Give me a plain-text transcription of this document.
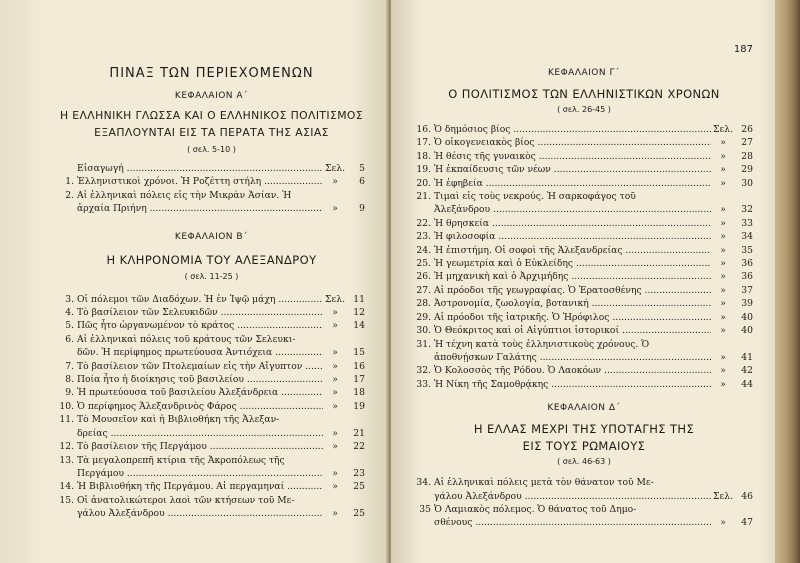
ΠΙΝΑΞ ΤΩΝ ΠΕΡΙΕΧΟΜΕΝΩΝ
ΚΕΦΑΛΑΙΟΝ Α΄
Η ΕΛΛΗΝΙΚΗ ΓΛΩΣΣΑ ΚΑΙ Ο ΕΛΛΗΝΙΚΟΣ ΠΟΛΙΤΙΣΜΟΣ
ΕΞΑΠΛΟΥΝΤΑΙ ΕΙΣ ΤΑ ΠΕΡΑΤΑ ΤΗΣ ΑΣΙΑΣ
( σελ. 5-10 )
Εἰσαγωγή .....	Σελ.	5
1. Ἑλληνιστικοὶ χρόνοι. Ἡ Ροζέττη στήλη .....	»	6
2. Αἱ ἑλληνικαὶ πόλεις εἰς τὴν Μικρὰν Ἀσίαν. Ἡ
ἀρχαία Πριήνη .....	»	9
ΚΕΦΑΛΑΙΟΝ Β΄
Η ΚΛΗΡΟΝΟΜΙΑ ΤΟΥ ΑΛΕΞΑΝΔΡΟΥ
( σελ. 11-25 )
3. Οἱ πόλεμοι τῶν Διαδόχων. Ἡ ἐν Ἰψῷ μάχη .....	Σελ. 11
4. Τὸ βασίλειον τῶν Σελευκιδῶν .....	»	12
5. Πῶς ἦτο ὠργανωμένον τὸ κράτος .....	»	14
6. Αἱ ἑλληνικαὶ πόλεις τοῦ κράτους τῶν Σελευκι-
δῶν. Ἡ περίφημος πρωτεύουσα Ἀντιόχεια .....	»	15
7. Τὸ βασίλειον τῶν Πτολεμαίων εἰς τὴν Αἴγυπτον .....	»	16
8. Ποία ἦτο ἡ διοίκησις τοῦ βασιλείου .....	»	17
9. Ἡ πρωτεύουσα τοῦ βασιλείου Ἀλεξάνδρεια .....	»	18
10. Ὁ περίφημος Ἀλεξανδρινὸς Φάρος .....	»	19
11. Τὸ Μουσεῖον καὶ ἡ Βιβλιοθήκη τῆς Ἀλεξαν-
δρείας .....	»	21
12. Τὸ βασίλειον τῆς Περγάμου .....	»	22
13. Τὰ μεγαλοπρεπῆ κτίρια τῆς Ἀκροπόλεως τῆς
Περγάμου .....	»	23
14. Ἡ Βιβλιοθήκη τῆς Περγάμου. Αἱ περγαμηναί .....	»	25
15. Οἱ ἀνατολικώτεροι λαοὶ τῶν κτήσεων τοῦ Με-
γάλου Ἀλεξάνδρου .....	»	25
187
ΚΕΦΑΛΑΙΟΝ Γ΄
Ο ΠΟΛΙΤΙΣΜΟΣ ΤΩΝ ΕΛΛΗΝΙΣΤΙΚΩΝ ΧΡΟΝΩΝ
( σελ. 26-45 )
16. Ὁ δημόσιος βίος .....	Σελ. 26
17. Ὁ οἰκογενειακὸς βίος .....	»	27
18. Ἡ θέσις τῆς γυναικὸς .....	»	28
19. Ἡ ἐκπαίδευσις τῶν νέων .....	»	29
20. Ἡ ἐφηβεία .....	»	30
21. Τιμαὶ εἰς τοὺς νεκρούς. Ἡ σαρκοφάγος τοῦ
Ἀλεξάνδρου .....	»	32
22. Ἡ θρησκεία .....	»	33
23. Ἡ φιλοσοφία .....	»	34
24. Ἡ ἐπιστήμη. Οἱ σοφοὶ τῆς Ἀλεξανδρείας .....	»	35
25. Ἡ γεωμετρία καὶ ὁ Εὐκλείδης .....	»	36
26. Ἡ μηχανικὴ καὶ ὁ Ἀρχιμήδης .....	»	36
27. Αἱ πρόοδοι τῆς γεωγραφίας. Ὁ Ἐρατοσθένης .....	»	37
28. Ἀστρονομία, ζωολογία, βοτανική .....	»	39
29. Αἱ πρόοδοι τῆς ἰατρικῆς. Ὁ Ἡρόφιλος .....	»	40
30. Ὁ Θεόκριτος καὶ οἱ Αἰγύπτιοι ἱστορικοί .....	»	40
31. Ἡ τέχνη κατὰ τοὺς ἑλληνιστικοὺς χρόνους. Ὁ
ἀποθνῄσκων Γαλάτης .....	»	41
32. Ὁ Κολοσσὸς τῆς Ρόδου. Ὁ Λαοκόων .....	»	42
33. Ἡ Νίκη τῆς Σαμοθρᾴκης .....	»	44
ΚΕΦΑΛΑΙΟΝ Δ΄
Η ΕΛΛΑΣ ΜΕΧΡΙ ΤΗΣ ΥΠΟΤΑΓΗΣ ΤΗΣ
ΕΙΣ ΤΟΥΣ ΡΩΜΑΙΟΥΣ
( σελ. 46-63 )
34. Αἱ ἑλληνικαὶ πόλεις μετὰ τὸν θάνατον τοῦ Με-
γάλου Ἀλεξάνδρου .....	Σελ. 46
35 Ὁ Λαμιακὸς πόλεμος. Ὁ θάνατος τοῦ Δημο-
σθένους .....	»	47
